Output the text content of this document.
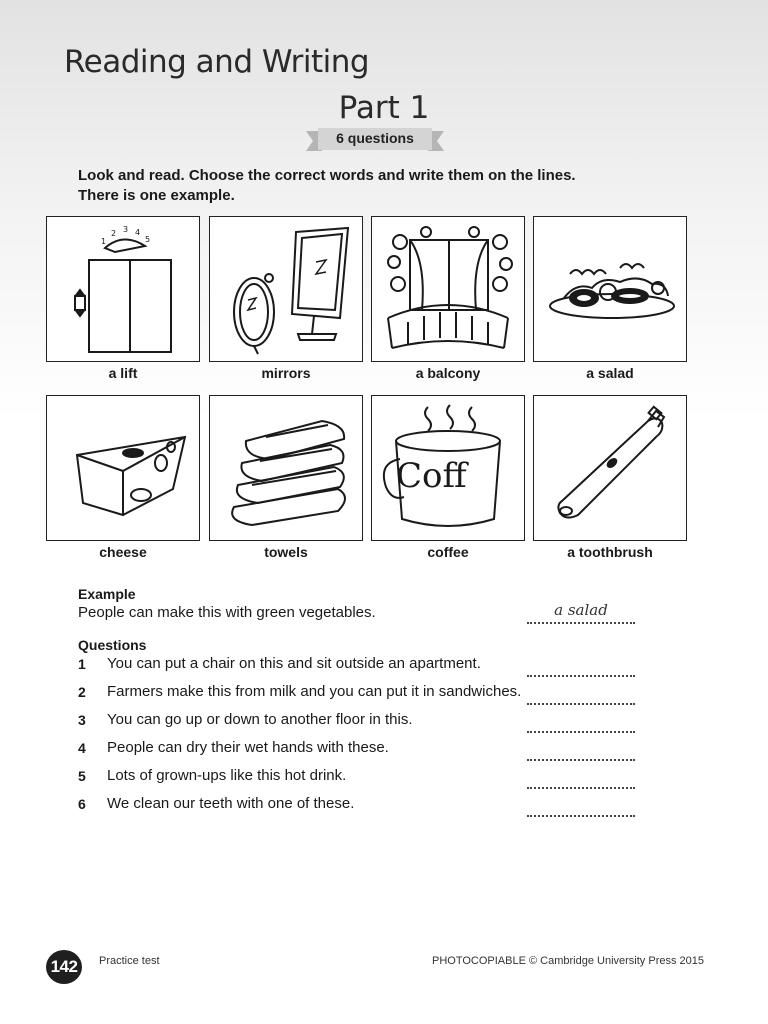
Reading and Writing
Part 1
6 questions

Look and read. Choose the correct words and write them on the lines.
There is one example.

1
2 3 4
5
a lift	mirrors	a balcony	a salad
cheese	towels
Coff
coffee	a toothbrush

Example

People can make this with green vegetables.	a salad

Questions

1 You can put a chair on this and sit outside an apartment.
2 Farmers make this from milk and you can put it in sandwiches.
3 You can go up or down to another floor in this.
4 People can dry their wet hands with these.
5 Lots of grown-ups like this hot drink.
6 We clean our teeth with one of these.
142	Practice test	PHOTOCOPIABLE © Cambridge University Press 2015
